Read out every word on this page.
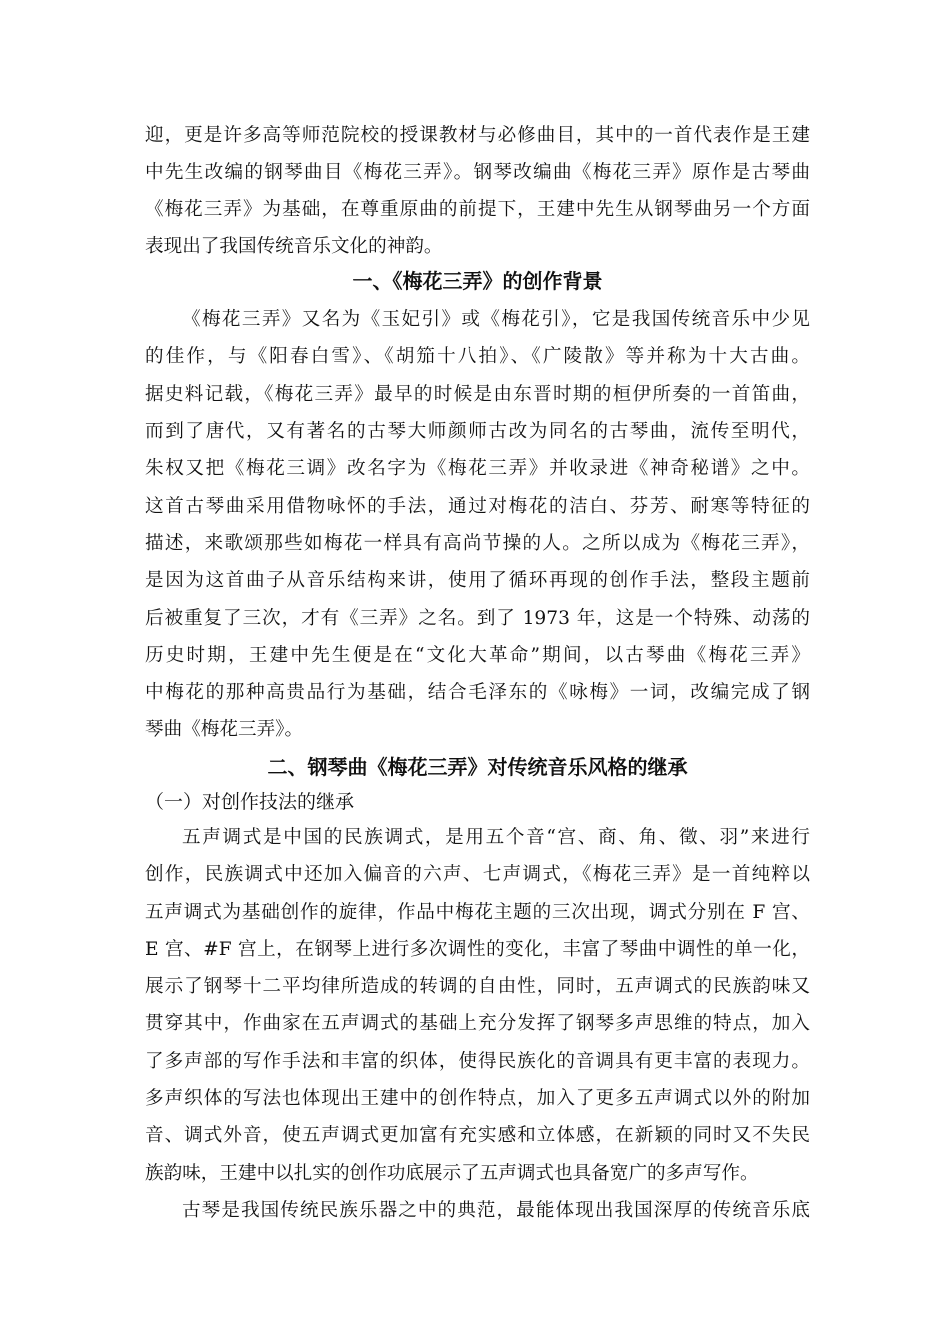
迎，更是许多高等师范院校的授课教材与必修曲目，其中的一首代表作是王建
中先生改编的钢琴曲目《梅花三弄》。钢琴改编曲《梅花三弄》原作是古琴曲
《梅花三弄》为基础，在尊重原曲的前提下，王建中先生从钢琴曲另一个方面
表现出了我国传统音乐文化的神韵。
一、《梅花三弄》的创作背景
《梅花三弄》又名为《玉妃引》或《梅花引》，它是我国传统音乐中少见
的佳作，与《阳春白雪》、《胡笳十八拍》、《广陵散》等并称为十大古曲。
据史料记载，《梅花三弄》最早的时候是由东晋时期的桓伊所奏的一首笛曲，
而到了唐代，又有著名的古琴大师颜师古改为同名的古琴曲，流传至明代，
朱权又把《梅花三调》改名字为《梅花三弄》并收录进《神奇秘谱》之中。
这首古琴曲采用借物咏怀的手法，通过对梅花的洁白、芬芳、耐寒等特征的
描述，来歌颂那些如梅花一样具有高尚节操的人。之所以成为《梅花三弄》，
是因为这首曲子从音乐结构来讲，使用了循环再现的创作手法，整段主题前
后被重复了三次，才有《三弄》之名。到了 1973 年，这是一个特殊、动荡的
历史时期，王建中先生便是在“文化大革命”期间，以古琴曲《梅花三弄》
中梅花的那种高贵品行为基础，结合毛泽东的《咏梅》一词，改编完成了钢
琴曲《梅花三弄》。
二、钢琴曲《梅花三弄》对传统音乐风格的继承
（一）对创作技法的继承
五声调式是中国的民族调式，是用五个音“宫、商、角、徵、羽”来进行
创作，民族调式中还加入偏音的六声、七声调式，《梅花三弄》是一首纯粹以
五声调式为基础创作的旋律，作品中梅花主题的三次出现，调式分别在 F 宫、
E 宫、#F 宫上，在钢琴上进行多次调性的变化，丰富了琴曲中调性的单一化，
展示了钢琴十二平均律所造成的转调的自由性，同时，五声调式的民族韵味又
贯穿其中，作曲家在五声调式的基础上充分发挥了钢琴多声思维的特点，加入
了多声部的写作手法和丰富的织体，使得民族化的音调具有更丰富的表现力。
多声织体的写法也体现出王建中的创作特点，加入了更多五声调式以外的附加
音、调式外音，使五声调式更加富有充实感和立体感，在新颖的同时又不失民
族韵味，王建中以扎实的创作功底展示了五声调式也具备宽广的多声写作。
古琴是我国传统民族乐器之中的典范，最能体现出我国深厚的传统音乐底
